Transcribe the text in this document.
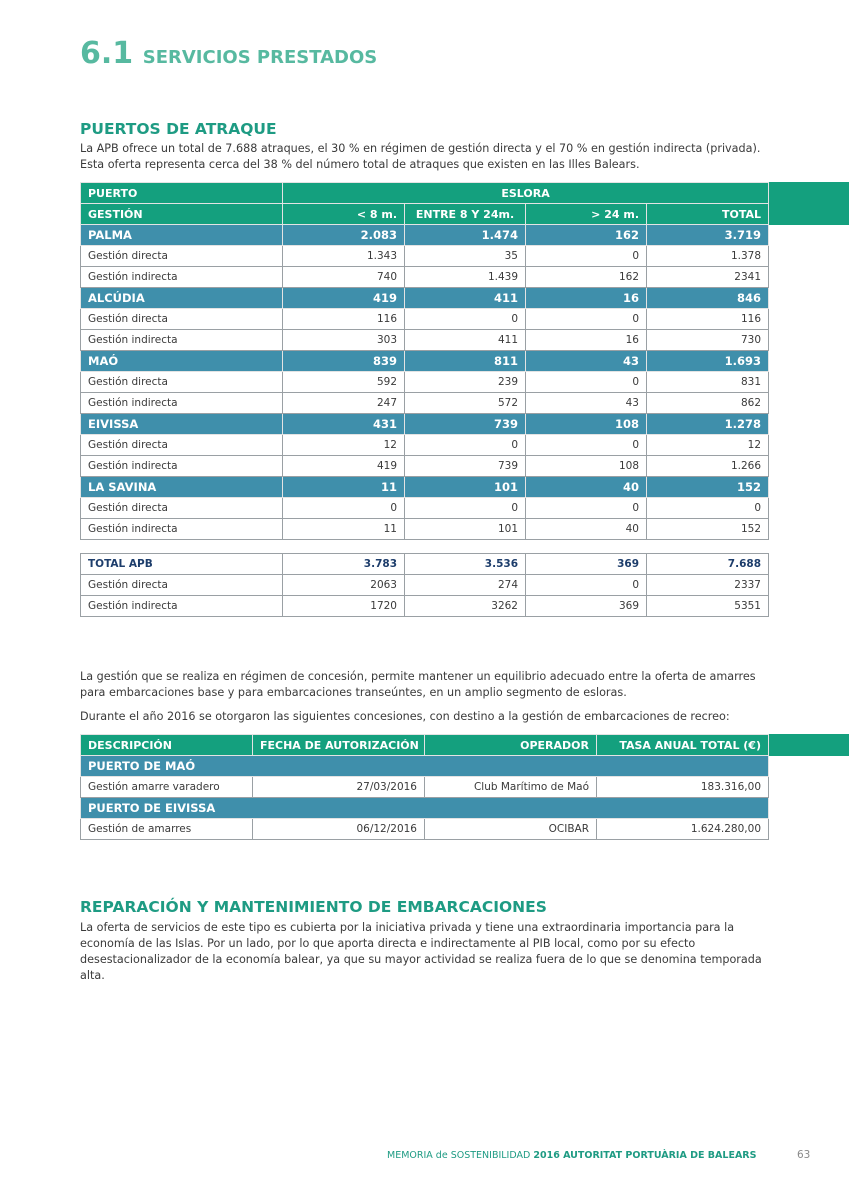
6.1 SERVICIOS PRESTADOS
PUERTOS DE ATRAQUE

La APB ofrece un total de 7.688 atraques, el 30 % en régimen de gestión directa y el 70 % en gestión indirecta (privada). Esta oferta representa cerca del 38 % del número total de atraques que existen en las Illes Balears.

PUERTO	ESLORA			
GESTIÓN	< 8 m.	ENTRE 8 Y 24m.	> 24 m.	TOTAL
PALMA	2.083	1.474	162	3.719
Gestión directa	1.343	35	0	1.378
Gestión indirecta	740	1.439	162	2341
ALCÚDIA	419	411	16	846
Gestión directa	116	0	0	116
Gestión indirecta	303	411	16	730
MAÓ	839	811	43	1.693
Gestión directa	592	239	0	831
Gestión indirecta	247	572	43	862
EIVISSA	431	739	108	1.278
Gestión directa	12	0	0	12
Gestión indirecta	419	739	108	1.266
LA SAVINA	11	101	40	152
Gestión directa	0	0	0	0
Gestión indirecta	11	101	40	152
TOTAL APB	3.783	3.536	369	7.688
Gestión directa	2063	274	0	2337
Gestión indirecta	1720	3262	369	5351

La gestión que se realiza en régimen de concesión, permite mantener un equilibrio adecuado entre la oferta de amarres para embarcaciones base y para embarcaciones transeúntes, en un amplio segmento de esloras.

Durante el año 2016 se otorgaron las siguientes concesiones, con destino a la gestión de embarcaciones de recreo:

DESCRIPCIÓN	FECHA DE AUTORIZACIÓN	OPERADOR	TASA ANUAL TOTAL (€)
PUERTO DE MAÓ			
Gestión amarre varadero	27/03/2016	Club Marítimo de Maó	183.316,00
PUERTO DE EIVISSA			
Gestión de amarres	06/12/2016	OCIBAR	1.624.280,00
REPARACIÓN Y MANTENIMIENTO DE EMBARCACIONES

La oferta de servicios de este tipo es cubierta por la iniciativa privada y tiene una extraordinaria importancia para la economía de las Islas. Por un lado, por lo que aporta directa e indirectamente al PIB local, como por su efecto desestacionalizador de la economía balear, ya que su mayor actividad se realiza fuera de lo que se denomina temporada alta.

MEMORIA de SOSTENIBILIDAD 2016 AUTORITAT PORTUÀRIA DE BALEARS	63
